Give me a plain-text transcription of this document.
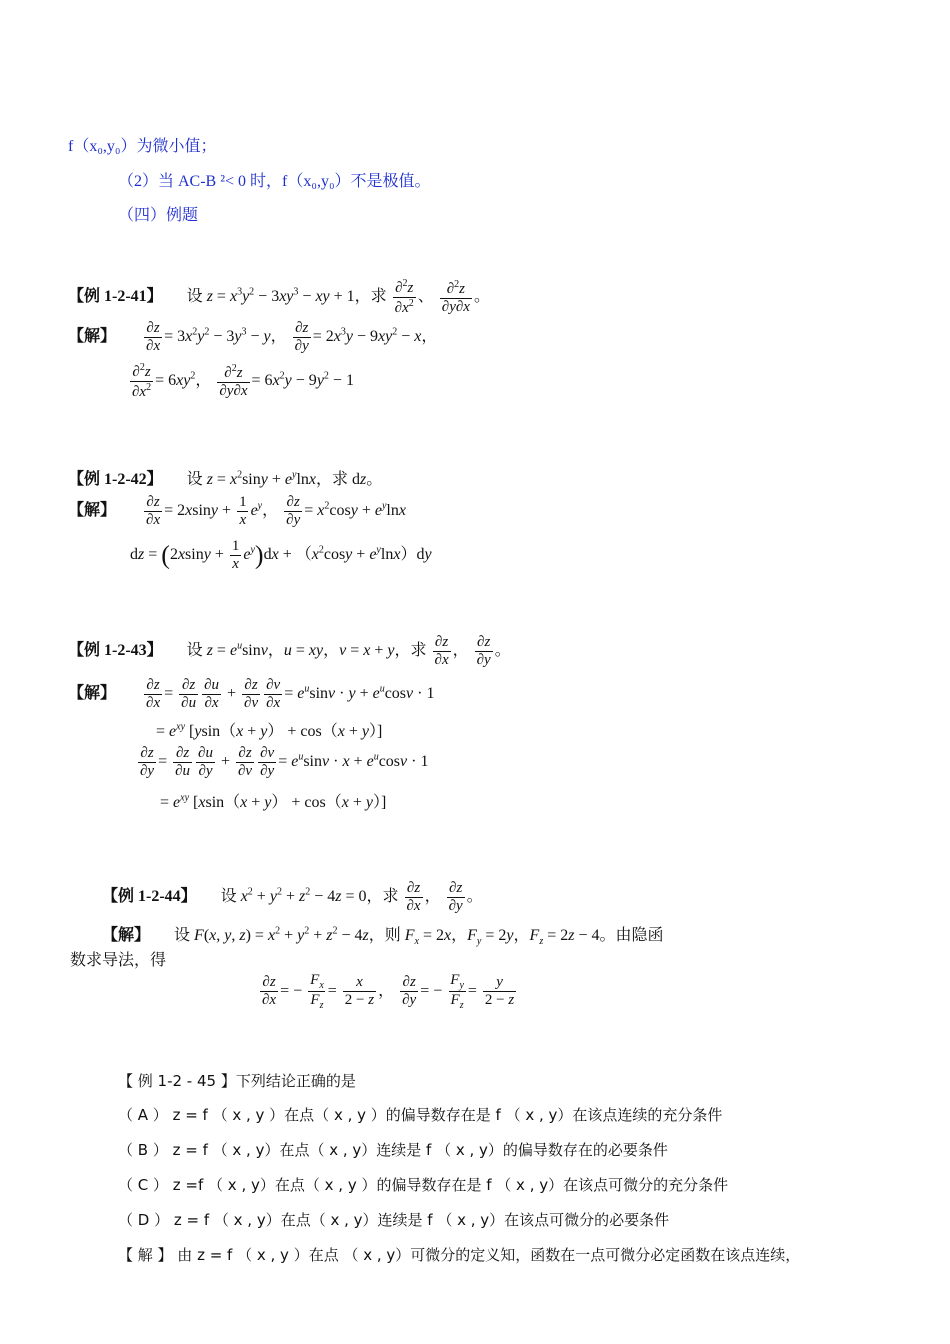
f（x₀,y₀）为微小值；
（2）当 AC-B ²< 0 时，f（x₀,y₀）不是极值。
（四）例题
【例 1-2-41】 设 $z = x^3y^2 - 3xy^3$ − xy + 1，求 $\frac{\partial^2z}{\partial x^2}$ 、 $\frac{\partial^2z}{\partial y\partial x}$ 。
【解】 $\frac{\partial z}{\partial x} = 3x^2y^2 - 3y^3 - y$， $\frac{\partial z}{\partial y} = 2x^3y - 9xy^2 - x$，
$\frac{\partial^2z}{\partial x^2} = 6xy^2$， $\frac{\partial^2z}{\partial y\partial x} = 6x^2y - 9y^2 - 1$
【例 1-2-42】 设 $z = x^2\sin y + e^y\ln x$，求 dz。
【解】 $\frac{\partial z}{\partial x} = 2xsiny + \frac{1}{x} e^y$， $\frac{\partial z}{\partial y} = x^2\cos y + e^y\ln x$
dz = $(2xsiny + \frac{1}{x} e^y)dx + (x^2\cos y + e^y\ln x)dy$
【例 1-2-43】 设 $z = e^u\sin v$，u = xy，v = x + y，求 $\frac{\partial z}{\partial x}$ ， $\frac{\partial z}{\partial y}$ 。
【解】 $\frac{\partial z}{\partial x} = \frac{\partial z}{\partial u} \frac{\partial u}{\partial x} + \frac{\partial z}{\partial v} \frac{\partial v}{\partial x} = e^u\sin v \cdot y + e^u\cos v \cdot 1$
= $e^{xy}$ [ysin（x + y） + cos（x + y）]
$\frac{\partial z}{\partial y} = \frac{\partial z}{\partial u} \frac{\partial u}{\partial y} + \frac{\partial z}{\partial v} \frac{\partial v}{\partial y} = e^u\sin v \cdot x + e^u\cos v \cdot 1$
= $e^{xy}$ [xsin（x + y） + cos（x + y）]
【例 1-2-44】 设 $x^2 + y^2 + z^2 - 4z = 0$，求 $\frac{\partial z}{\partial x}$ ， $\frac{\partial z}{\partial y}$ 。
【解】 设 F(x, y, $z) = x^2 + y^2 + z^2 - 4z$，则 $F_x = 2x$，$F_y = 2y$，$F_z = 2z - 4$。由隐函
数求导法，得
$\frac{\partial z}{\partial x}$ = − $\frac{F_x}{F_z} = \frac{x}{2 - z}$ ， $\frac{\partial z}{\partial y}$ = − $\frac{F_y}{F_z} = \frac{y}{2 - z}$
【 例 1-2 - 45 】下列结论正确的是
（ A ） z = f （ x , y ）在点（ x , y ）的偏导数存在是 f （ x , y）在该点连续的充分条件
（ B ） z = f （ x , y）在点（ x , y）连续是 f （ x , y）的偏导数存在的必要条件
（ C ） z =f （ x , y）在点（ x , y ）的偏导数存在是 f （ x , y）在该点可微分的充分条件
（ D ） z = f （ x , y）在点（ x , y）连续是 f （ x , y）在该点可微分的必要条件
【 解 】 由 z = f （ x , y ）在点 （ x , y）可微分的定义知，函数在一点可微分必定函数在该点连续，
